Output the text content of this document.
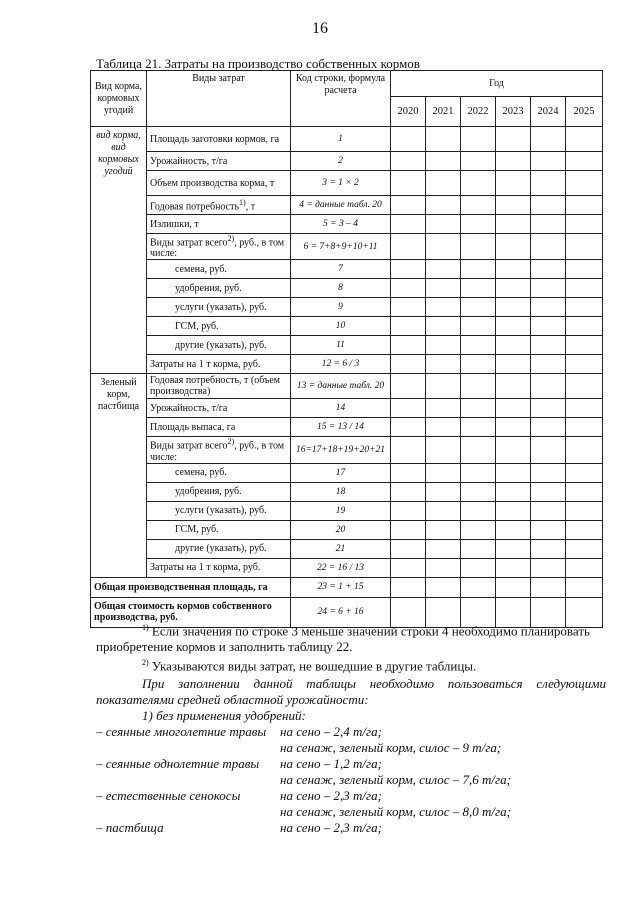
16
Таблица 21. Затраты на производство собственных кормов
Вид корма, кормовых угодий	Виды затрат	Код строки, формула расчета	Год					
			2020	2021	2022	2023	2024	2025
вид корма, вид кормовых угодий	Площадь заготовки кормов, га	1						
	Урожайность, т/га	2						
	Объем производства корма, т	3 = 1 × 2						
	Годовая потребность$^{1)}$, т	4 = данные табл. 20						
	Излишки, т	5 = 3 – 4						
	Виды затрат всего$^{2)}$, руб., в том числе:	6 = 7+8+9+10+11						
	семена, руб.	7						
	удобрения, руб.	8						
	услуги (указать), руб.	9						
	ГСМ, руб.	10						
	другие (указать), руб.	11						
	Затраты на 1 т корма, руб.	12 = 6 / 3						
Зеленый корм, пастбища	Годовая потребность, т (объем производства)	13 = данные табл. 20						
	Урожайность, т/га	14						
	Площадь выпаса, га	15 = 13 / 14						
	Виды затрат всего$^{2)}$, руб., в том числе:	16=17+18+19+20+21						
	семена, руб.	17						
	удобрения, руб.	18						
	услуги (указать), руб.	19						
	ГСМ, руб.	20						
	другие (указать), руб.	21						
	Затраты на 1 т корма, руб.	22 = 16 / 13						
Общая производственная площадь, га		23 = 1 + 15						
Общая стоимость кормов собственного производства, руб.		24 = 6 + 16						

$^{1)}$ Если значения по строке 3 меньше значений строки 4 необходимо планировать приобретение кормов и заполнить таблицу 22.

$^{2)}$ Указываются виды затрат, не вошедшие в другие таблицы.

При заполнении данной таблицы необходимо пользоваться следующими показателями средней областной урожайности:

1) без применения удобрений:

– сеянные многолетние травы на сено – 2,4 т/га;

на сенаж, зеленый корм, силос – 9 т/га;

– сеянные однолетние травы на сено – 1,2 т/га;

на сенаж, зеленый корм, силос – 7,6 т/га;

– естественные сенокосы	на сено – 2,3 т/га;

на сенаж, зеленый корм, силос – 8,0 т/га;

– пастбища	на сено – 2,3 т/га;
